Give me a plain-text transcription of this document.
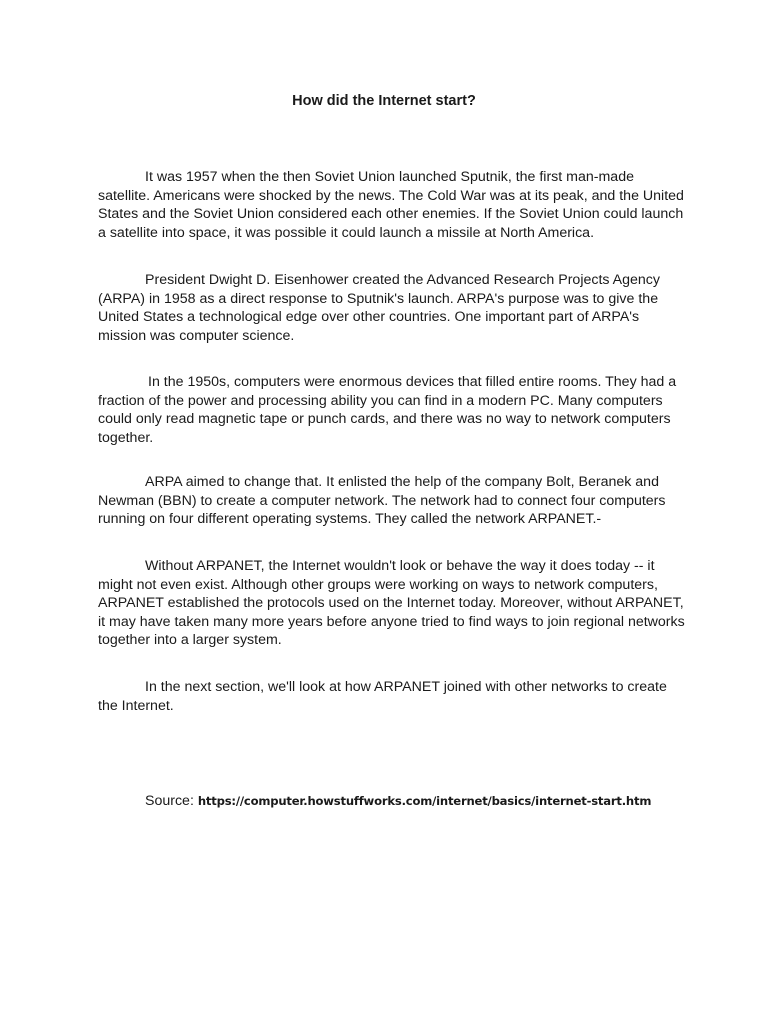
How did the Internet start?

It was 1957 when the then Soviet Union launched Sputnik, the first man-made satellite. Americans were shocked by the news. The Cold War was at its peak, and the United States and the Soviet Union considered each other enemies. If the Soviet Union could launch a satellite into space, it was possible it could launch a missile at North America.

President Dwight D. Eisenhower created the Advanced Research Projects Agency (ARPA) in 1958 as a direct response to Sputnik's launch. ARPA's purpose was to give the United States a technological edge over other countries. One important part of ARPA's mission was computer science.

In the 1950s, computers were enormous devices that filled entire rooms. They had a fraction of the power and processing ability you can find in a modern PC. Many computers could only read magnetic tape or punch cards, and there was no way to network computers together.

ARPA aimed to change that. It enlisted the help of the company Bolt, Beranek and Newman (BBN) to create a computer network. The network had to connect four computers running on four different operating systems. They called the network ARPANET.-

Without ARPANET, the Internet wouldn't look or behave the way it does today -- it might not even exist. Although other groups were working on ways to network computers, ARPANET established the protocols used on the Internet today. Moreover, without ARPANET, it may have taken many more years before anyone tried to find ways to join regional networks together into a larger system.

In the next section, we'll look at how ARPANET joined with other networks to create the Internet.

Source: https://computer.howstuffworks.com/internet/basics/internet-start.htm
